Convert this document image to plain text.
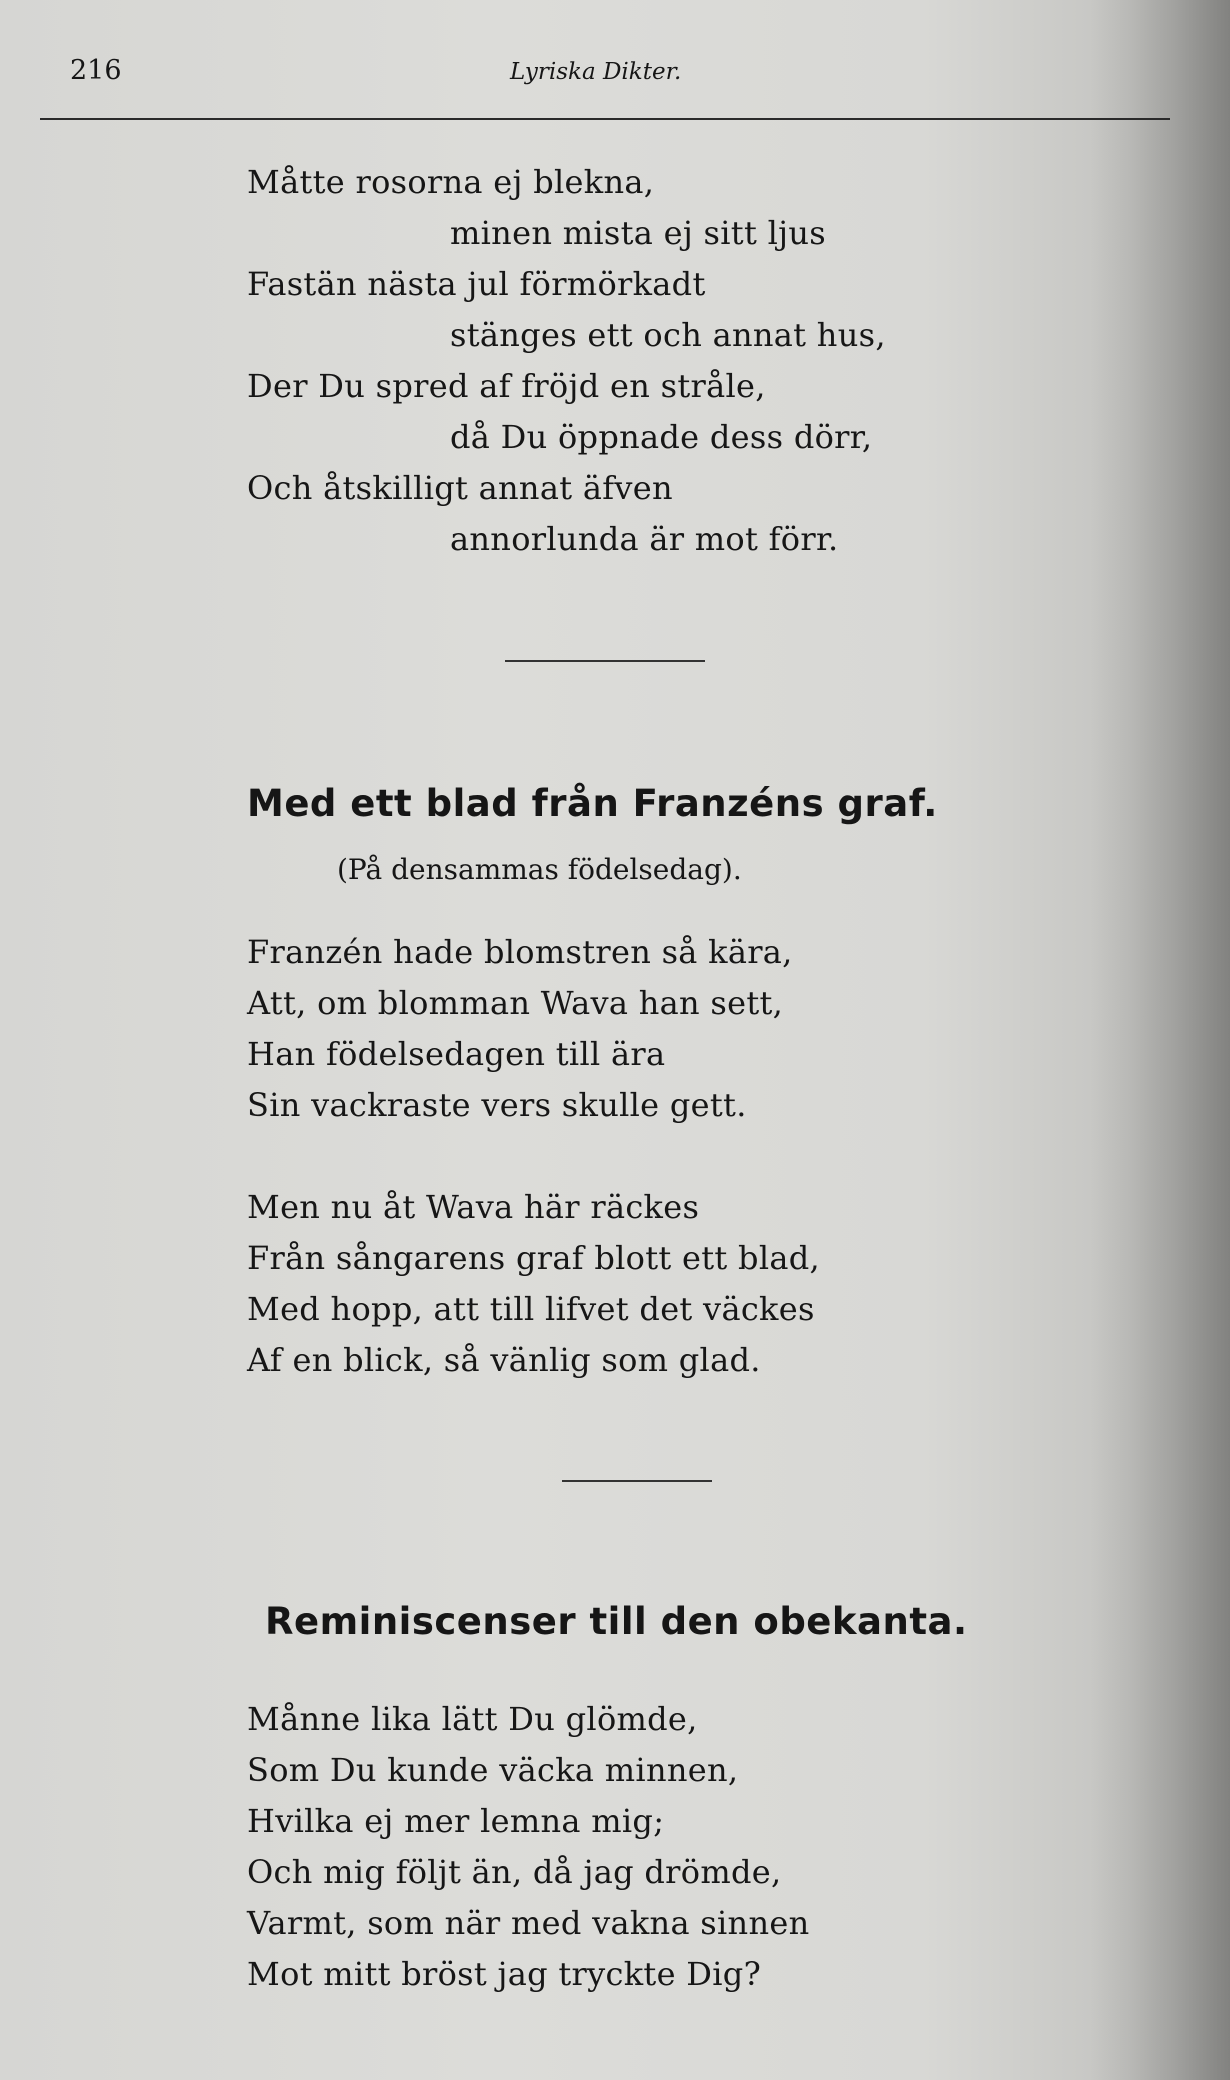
216	Lyriska Dikter.
Måtte rosorna ej blekna,
minen mista ej sitt ljus
Fastän nästa jul förmörkadt
stänges ett och annat hus,
Der Du spred af fröjd en stråle,
då Du öppnade dess dörr,
Och åtskilligt annat äfven
annorlunda är mot förr.
Med ett blad från Franzéns graf.
(På densammas födelsedag).
Franzén hade blomstren så kära,
Att, om blomman Wava han sett,
Han födelsedagen till ära
Sin vackraste vers skulle gett.
Men nu åt Wava här räckes
Från sångarens graf blott ett blad,
Med hopp, att till lifvet det väckes
Af en blick, så vänlig som glad.
Reminiscenser till den obekanta.
Månne lika lätt Du glömde,
Som Du kunde väcka minnen,
Hvilka ej mer lemna mig;
Och mig följt än, då jag drömde,
Varmt, som när med vakna sinnen
Mot mitt bröst jag tryckte Dig?
